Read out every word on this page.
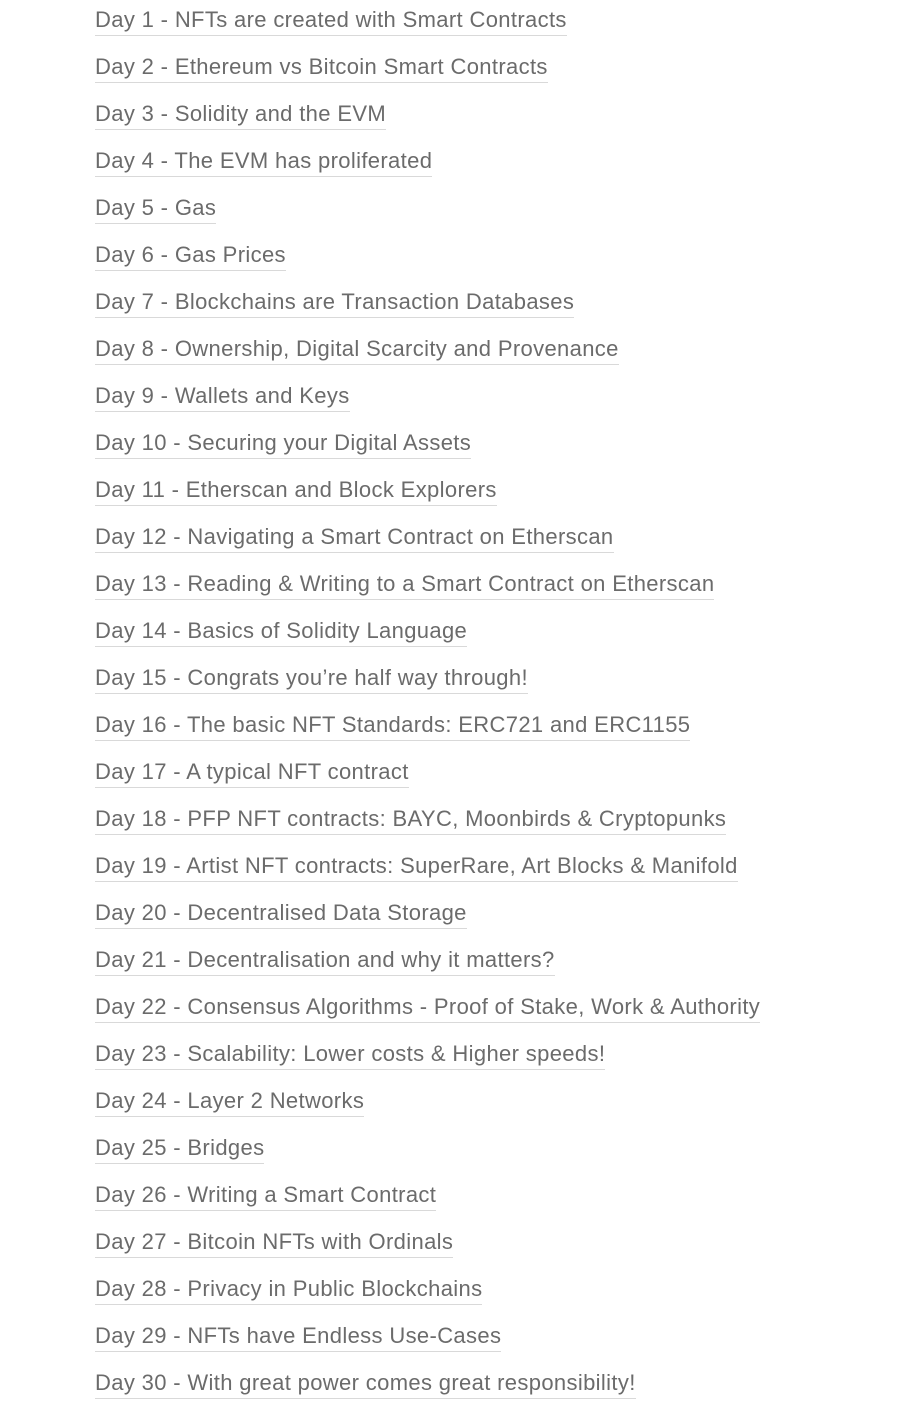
Day 1 - NFTs are created with Smart Contracts
Day 2 - Ethereum vs Bitcoin Smart Contracts
Day 3 - Solidity and the EVM
Day 4 - The EVM has proliferated
Day 5 - Gas
Day 6 - Gas Prices
Day 7 - Blockchains are Transaction Databases
Day 8 - Ownership, Digital Scarcity and Provenance
Day 9 - Wallets and Keys
Day 10 - Securing your Digital Assets
Day 11 - Etherscan and Block Explorers
Day 12 - Navigating a Smart Contract on Etherscan
Day 13 - Reading & Writing to a Smart Contract on Etherscan
Day 14 - Basics of Solidity Language
Day 15 - Congrats you’re half way through!
Day 16 - The basic NFT Standards: ERC721 and ERC1155
Day 17 - A typical NFT contract
Day 18 - PFP NFT contracts: BAYC, Moonbirds & Cryptopunks
Day 19 - Artist NFT contracts: SuperRare, Art Blocks & Manifold
Day 20 - Decentralised Data Storage
Day 21 - Decentralisation and why it matters?
Day 22 - Consensus Algorithms - Proof of Stake, Work & Authority
Day 23 - Scalability: Lower costs & Higher speeds!
Day 24 - Layer 2 Networks
Day 25 - Bridges
Day 26 - Writing a Smart Contract
Day 27 - Bitcoin NFTs with Ordinals
Day 28 - Privacy in Public Blockchains
Day 29 - NFTs have Endless Use-Cases
Day 30 - With great power comes great responsibility!
